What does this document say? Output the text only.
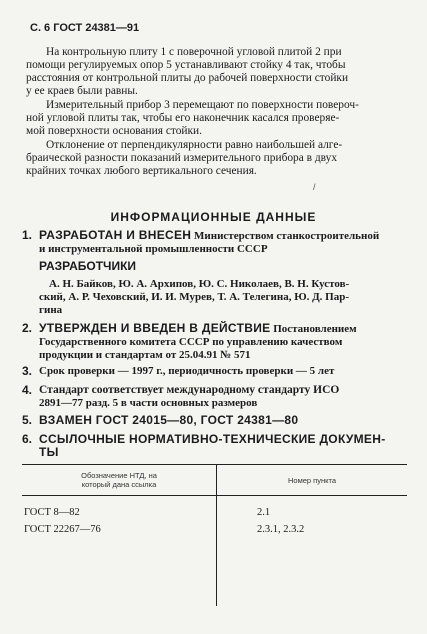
С. 6 ГОСТ 24381—91
На контрольную плиту 1 с поверочной угловой плитой 2 при
помощи регулируемых опор 5 устанавливают стойку 4 так, чтобы
расстояния от контрольной плиты до рабочей поверхности стойки
у ее краев были равны.
Измерительный прибор 3 перемещают по поверхности повероч-
ной угловой плиты так, чтобы его наконечник касался проверяе-
мой поверхности основания стойки.
Отклонение от перпендикулярности равно наибольшей алге-
браической разности показаний измерительного прибора в двух
крайних точках любого вертикального сечения.
ИНФОРМАЦИОННЫЕ ДАННЫЕ
1. РАЗРАБОТАН И ВНЕСЕН Министерством станкостроительной
и инструментальной промышленности СССР
РАЗРАБОТЧИКИ
А. Н. Байков, Ю. А. Архипов, Ю. С. Николаев, В. Н. Кустов-
ский, А. Р. Чеховский, И. И. Мурев, Т. А. Телегина, Ю. Д. Пар-
гина
2. УТВЕРЖДЕН И ВВЕДЕН В ДЕЙСТВИЕ Постановлением
Государственного комитета СССР по управлению качеством
продукции и стандартам от 25.04.91 № 571
3. Срок проверки — 1997 г., периодичность проверки — 5 лет
4. Стандарт соответствует международному стандарту ИСО
2891—77 разд. 5 в части основных размеров
5. ВЗАМЕН ГОСТ 24015—80, ГОСТ 24381—80
6. ССЫЛОЧНЫЕ НОРМАТИВНО-ТЕХНИЧЕСКИЕ ДОКУМЕН-
ТЫ
Обозначение НТД, на
который дана ссылка	Номер пункта
ГОСТ 8—82	2.1
ГОСТ 22267—76	2.3.1, 2.3.2
/
